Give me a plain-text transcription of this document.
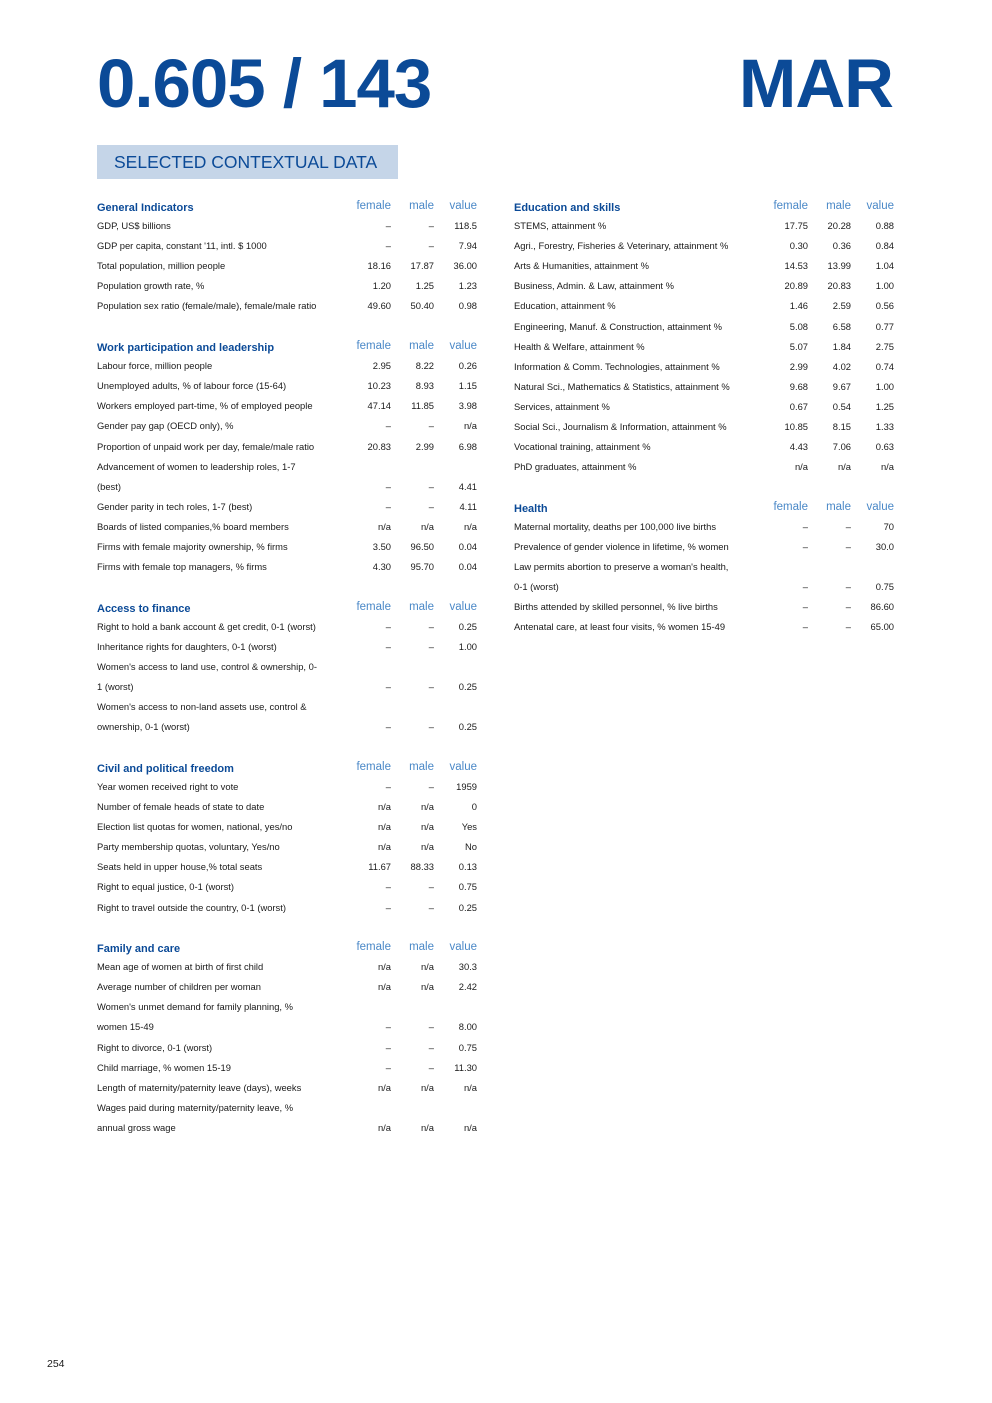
0.605 / 143	MAR
SELECTED CONTEXTUAL DATA
General Indicators	female	male	value
GDP, US$ billions	–	–	118.5
GDP per capita, constant '11, intl. $ 1000	–	–	7.94
Total population, million people	18.16	17.87	36.00
Population growth rate, %	1.20	1.25	1.23
Population sex ratio (female/male), female/male ratio	49.60	50.40	0.98
Work participation and leadership	female	male	value
Labour force, million people	2.95	8.22	0.26
Unemployed adults, % of labour force (15-64)	10.23	8.93	1.15
Workers employed part-time, % of employed people	47.14	11.85	3.98
Gender pay gap (OECD only), %	–	–	n/a
Proportion of unpaid work per day, female/male ratio	20.83	2.99	6.98
Advancement of women to leadership roles, 1-7
(best)	–	–	4.41
Gender parity in tech roles, 1-7 (best)	–	–	4.11
Boards of listed companies,% board members	n/a	n/a	n/a
Firms with female majority ownership, % firms	3.50	96.50	0.04
Firms with female top managers, % firms	4.30	95.70	0.04
Access to finance	female	male	value
Right to hold a bank account & get credit, 0-1 (worst)	–	–	0.25
Inheritance rights for daughters, 0-1 (worst)	–	–	1.00
Women's access to land use, control & ownership, 0-
1 (worst)	–	–	0.25
Women's access to non-land assets use, control &
ownership, 0-1 (worst)	–	–	0.25
Civil and political freedom	female	male	value
Year women received right to vote	–	–	1959
Number of female heads of state to date	n/a	n/a	0
Election list quotas for women, national, yes/no	n/a	n/a	Yes
Party membership quotas, voluntary, Yes/no	n/a	n/a	No
Seats held in upper house,% total seats	11.67	88.33	0.13
Right to equal justice, 0-1 (worst)	–	–	0.75
Right to travel outside the country, 0-1 (worst)	–	–	0.25
Family and care	female	male	value
Mean age of women at birth of first child	n/a	n/a	30.3
Average number of children per woman	n/a	n/a	2.42
Women's unmet demand for family planning, %
women 15-49	–	–	8.00
Right to divorce, 0-1 (worst)	–	–	0.75
Child marriage, % women 15-19	–	–	11.30
Length of maternity/paternity leave (days), weeks	n/a	n/a	n/a
Wages paid during maternity/paternity leave, %
annual gross wage	n/a	n/a	n/a
Education and skills	female	male	value
STEMS, attainment %	17.75	20.28	0.88
Agri., Forestry, Fisheries & Veterinary, attainment %	0.30	0.36	0.84
Arts & Humanities, attainment %	14.53	13.99	1.04
Business, Admin. & Law, attainment %	20.89	20.83	1.00
Education, attainment %	1.46	2.59	0.56
Engineering, Manuf. & Construction, attainment %	5.08	6.58	0.77
Health & Welfare, attainment %	5.07	1.84	2.75
Information & Comm. Technologies, attainment %	2.99	4.02	0.74
Natural Sci., Mathematics & Statistics, attainment %	9.68	9.67	1.00
Services, attainment %	0.67	0.54	1.25
Social Sci., Journalism & Information, attainment %	10.85	8.15	1.33
Vocational training, attainment %	4.43	7.06	0.63
PhD graduates, attainment %	n/a	n/a	n/a
Health	female	male	value
Maternal mortality, deaths per 100,000 live births	–	–	70
Prevalence of gender violence in lifetime, % women	–	–	30.0
Law permits abortion to preserve a woman's health,
0-1 (worst)	–	–	0.75
Births attended by skilled personnel, % live births	–	–	86.60
Antenatal care, at least four visits, % women 15-49	–	–	65.00
254
